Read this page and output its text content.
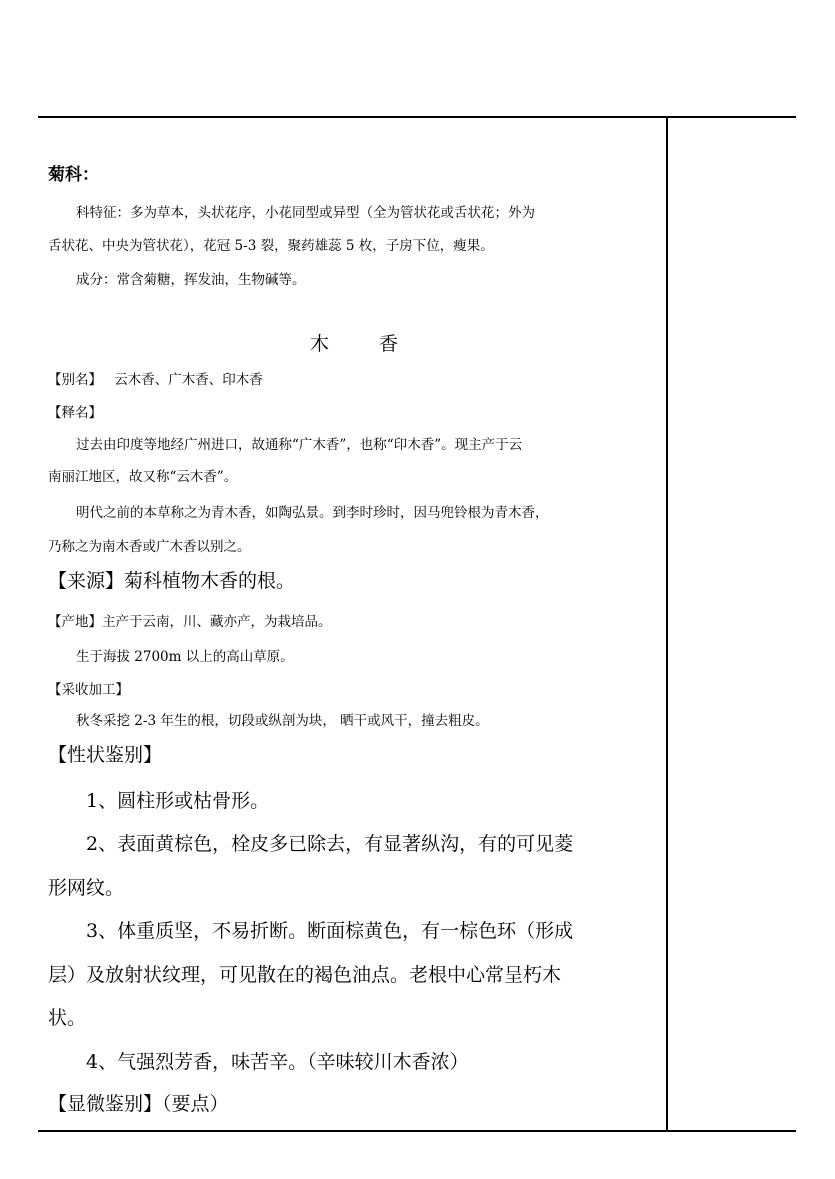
菊科：
科特征：多为草本，头状花序，小花同型或异型（全为管状花或舌状花；外为
舌状花、中央为管状花），花冠 5-3 裂，聚药雄蕊 5 枚，子房下位，瘦果。
成分：常含菊糖，挥发油，生物碱等。
木	香
【别名】 云木香、广木香、印木香
【释名】
过去由印度等地经广州进口，故通称“广木香”，也称“印木香”。现主产于云
南丽江地区，故又称“云木香”。
明代之前的本草称之为青木香，如陶弘景。到李时珍时，因马兜铃根为青木香，
乃称之为南木香或广木香以别之。
【来源】菊科植物木香的根。
【产地】主产于云南，川、藏亦产，为栽培品。
生于海拔 2700m 以上的高山草原。
【采收加工】
秋冬采挖 2-3 年生的根，切段或纵剖为块， 晒干或风干，撞去粗皮。
【性状鉴别】
1、圆柱形或枯骨形。
2、表面黄棕色，栓皮多已除去，有显著纵沟，有的可见菱
形网纹。
3、体重质坚，不易折断。断面棕黄色，有一棕色环（形成
层）及放射状纹理，可见散在的褐色油点。老根中心常呈朽木
状。
4、气强烈芳香，味苦辛。（辛味较川木香浓）
【显微鉴别】（要点）
